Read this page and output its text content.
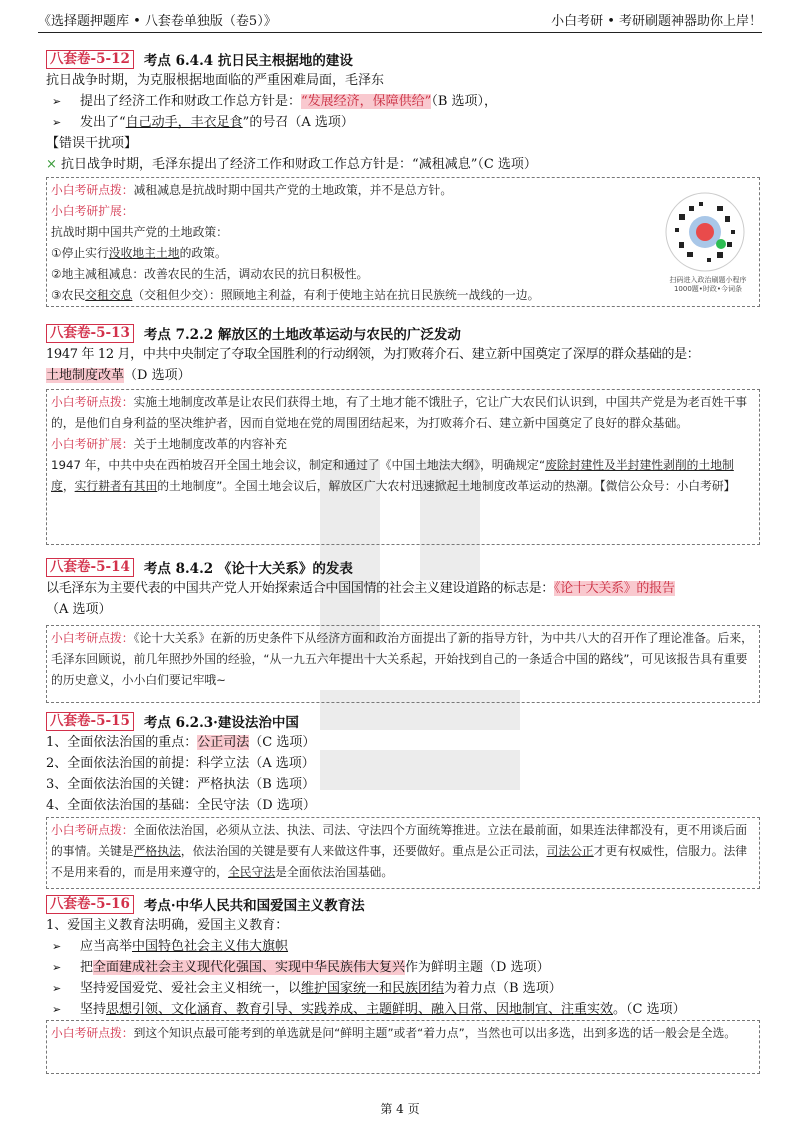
《选择题押题库 • 八套卷单独版（卷5）》	小白考研 • 考研刷题神器助你上岸！
八套卷-5-12 考点 6.4.4 抗日民主根据地的建设
抗日战争时期，为克服根据地面临的严重困难局面，毛泽东
➢ 提出了经济工作和财政工作总方针是：“发展经济，保障供给”（B 选项），
➢ 发出了“自己动手，丰衣足食”的号召（A 选项）
【错误干扰项】
× 抗日战争时期，毛泽东提出了经济工作和财政工作总方针是：“减租减息”（C 选项）
小白考研点拨：减租减息是抗战时期中国共产党的土地政策，并不是总方针。
小白考研扩展：
抗战时期中国共产党的土地政策：
①停止实行没收地主土地的政策。
②地主减租减息：改善农民的生活，调动农民的抗日积极性。
③农民交租交息（交租但少交）：照顾地主利益，有利于使地主站在抗日民族统一战线的一边。
扫码进入政治刷题小程序
1000题•时政•今词条
八套卷-5-13 考点 7.2.2 解放区的土地改革运动与农民的广泛发动
1947 年 12 月，中共中央制定了夺取全国胜利的行动纲领，为打败蒋介石、建立新中国奠定了深厚的群众基础的是：
土地制度改革（D 选项）
小白考研点拨：实施土地制度改革是让农民们获得土地，有了土地才能不饿肚子，它让广大农民们认识到，中国共产党是为老百姓干事的，是他们自身利益的坚决维护者，因而自觉地在党的周围团结起来，为打败蒋介石、建立新中国奠定了良好的群众基础。
小白考研扩展：关于土地制度改革的内容补充
1947 年，中共中央在西柏坡召开全国土地会议，制定和通过了《中国土地法大纲》，明确规定“废除封建性及半封建性剥削的土地制度，实行耕者有其田的土地制度”。全国土地会议后，解放区广大农村迅速掀起土地制度改革运动的热潮。【微信公众号：小白考研】
八套卷-5-14 考点 8.4.2 《论十大关系》的发表
以毛泽东为主要代表的中国共产党人开始探索适合中国国情的社会主义建设道路的标志是：《论十大关系》的报告
（A 选项）
小白考研点拨：《论十大关系》在新的历史条件下从经济方面和政治方面提出了新的指导方针，为中共八大的召开作了理论准备。后来，毛泽东回顾说，前几年照抄外国的经验，“从一九五六年提出十大关系起，开始找到自己的一条适合中国的路线”，可见该报告具有重要的历史意义，小小白们要记牢哦~
八套卷-5-15 考点 6.2.3·建设法治中国
1、全面依法治国的重点：公正司法（C 选项）
2、全面依法治国的前提：科学立法（A 选项）
3、全面依法治国的关键：严格执法（B 选项）
4、全面依法治国的基础：全民守法（D 选项）
小白考研点拨：全面依法治国，必须从立法、执法、司法、守法四个方面统筹推进。立法在最前面，如果连法律都没有，更不用谈后面的事情。关键是严格执法，依法治国的关键是要有人来做这件事，还要做好。重点是公正司法，司法公正才更有权威性，信服力。法律不是用来看的，而是用来遵守的，全民守法是全面依法治国基础。
八套卷-5-16 考点·中华人民共和国爱国主义教育法
1、爱国主义教育法明确，爱国主义教育：
➢ 应当高举中国特色社会主义伟大旗帜
➢ 把全面建成社会主义现代化强国、实现中华民族伟大复兴作为鲜明主题（D 选项）
➢ 坚持爱国爱党、爱社会主义相统一，以维护国家统一和民族团结为着力点（B 选项）
➢ 坚持思想引领、文化涵育、教育引导、实践养成、主题鲜明、融入日常、因地制宜、注重实效。（C 选项）
小白考研点拨：到这个知识点最可能考到的单选就是问“鲜明主题”或者“着力点”，当然也可以出多选，出到多选的话一般会是全选。
第 4 页
